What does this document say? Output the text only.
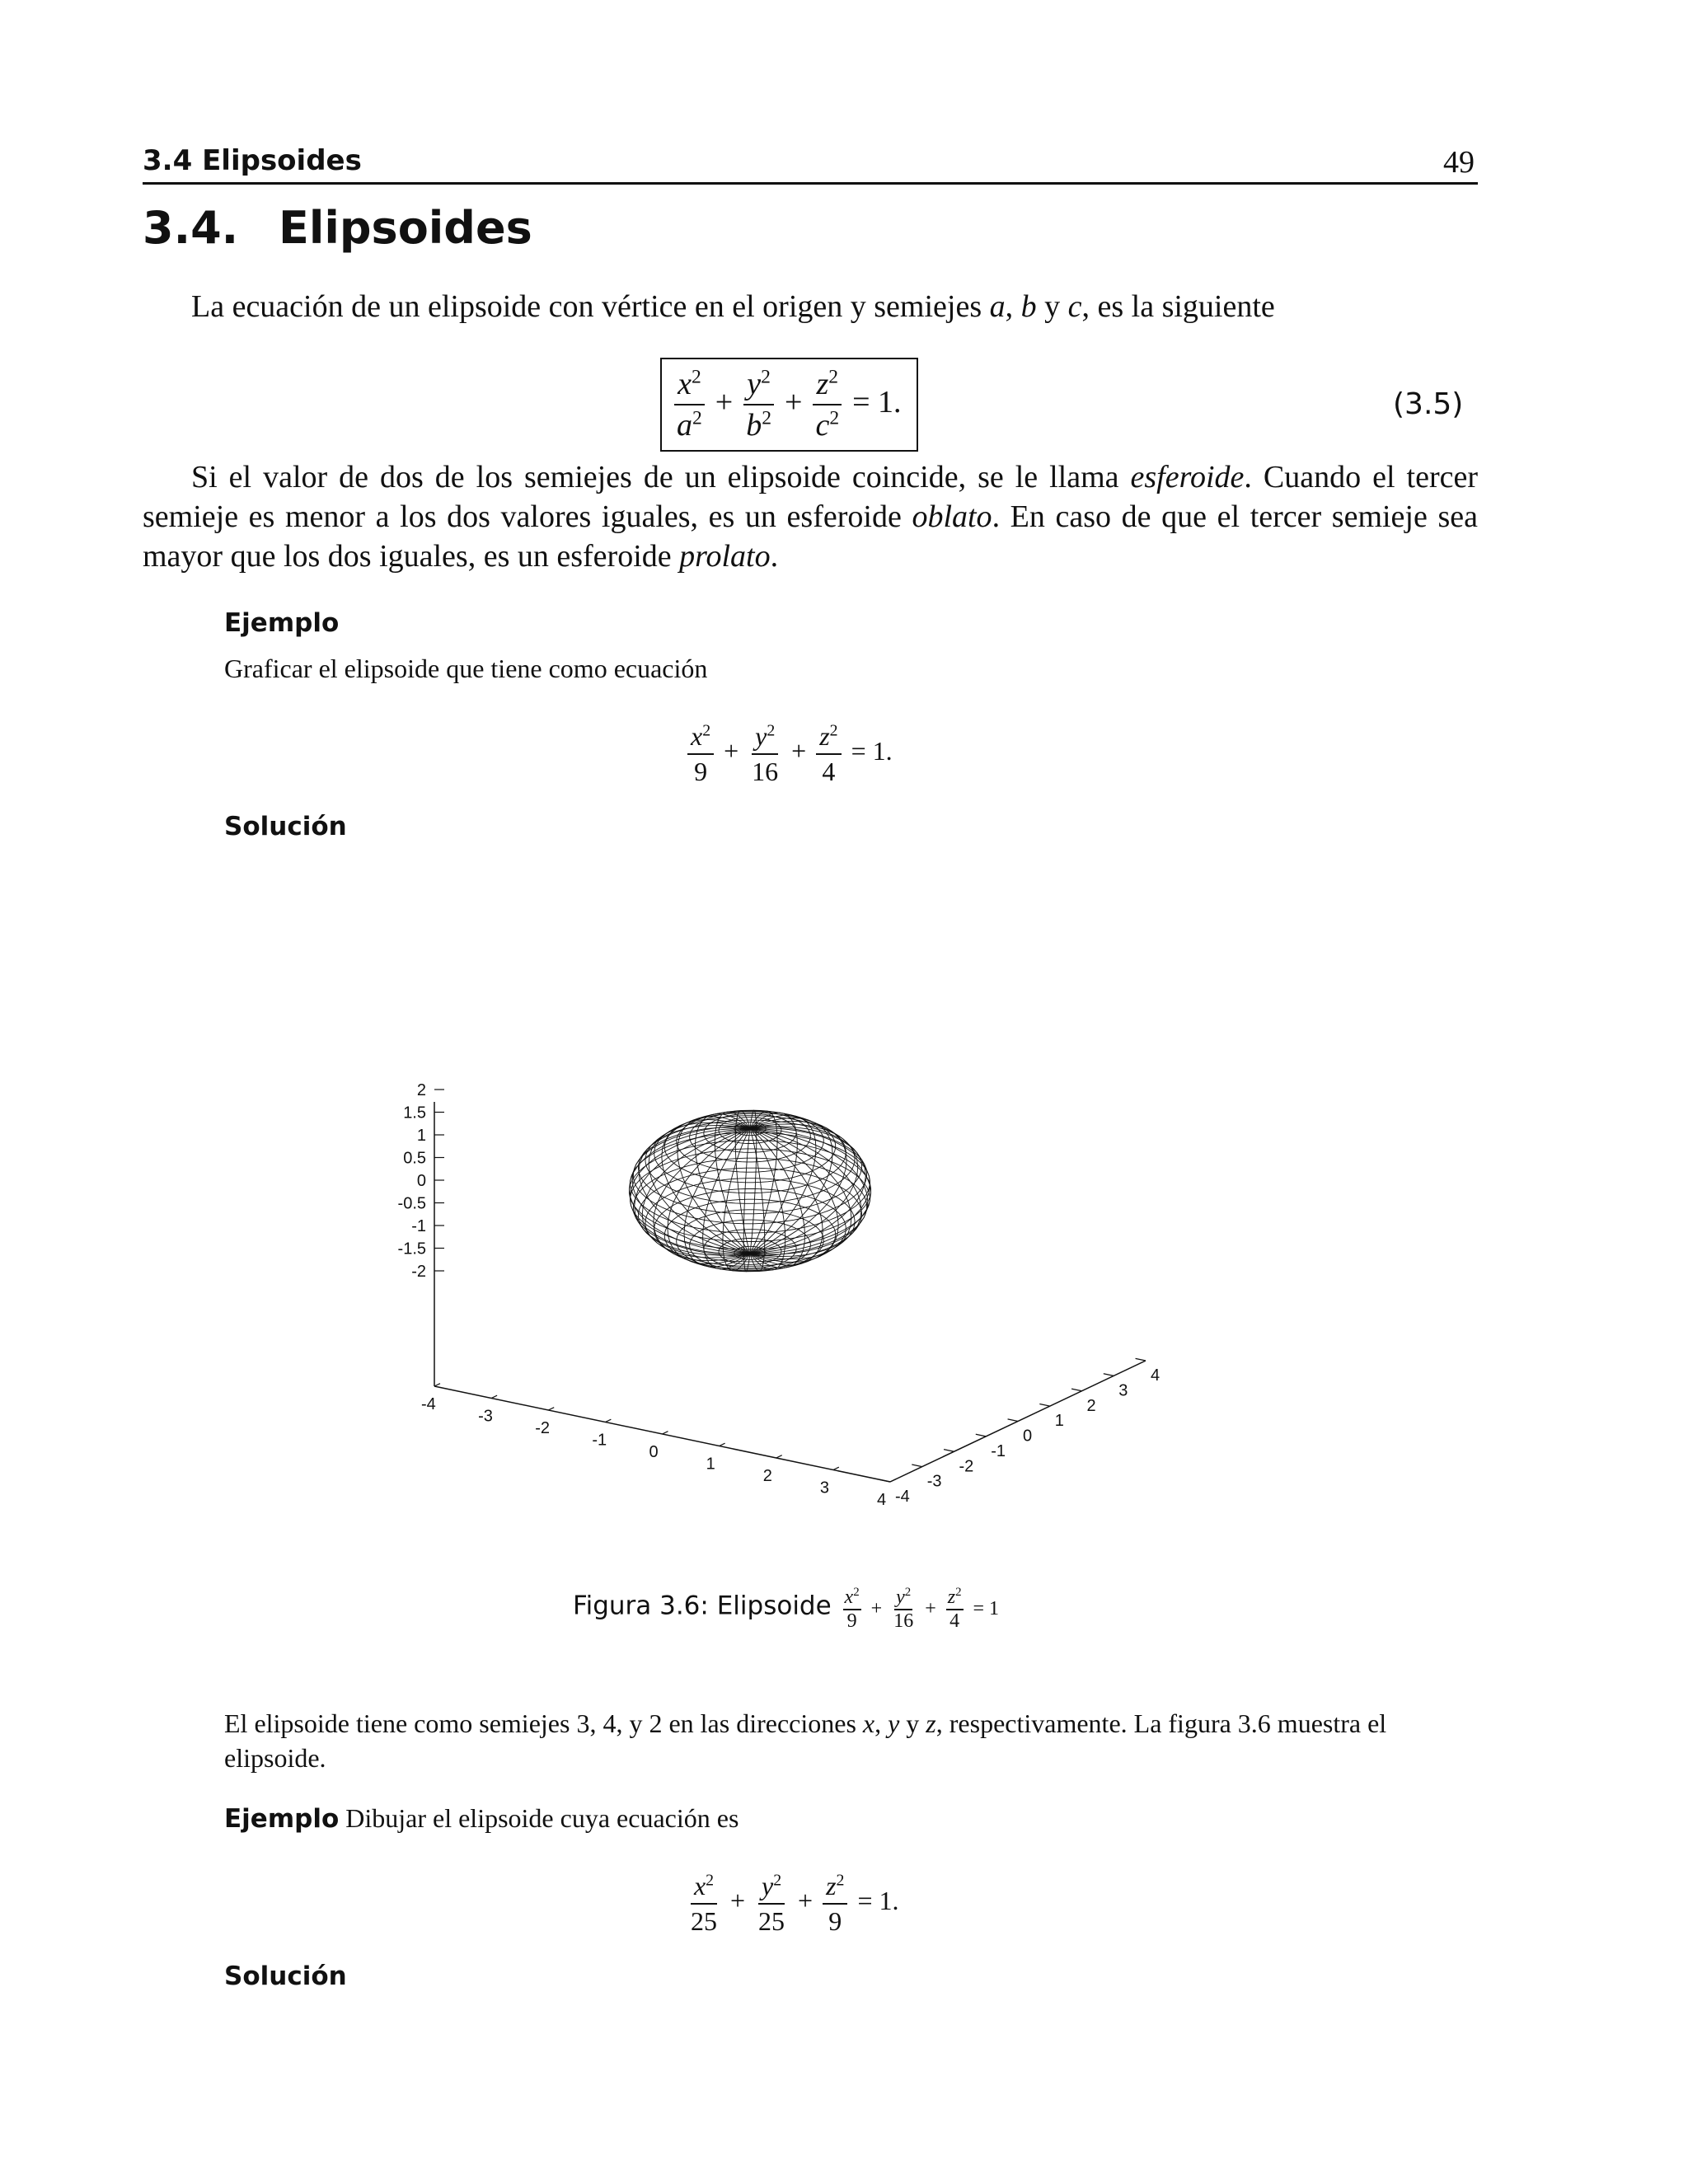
3.4 Elipsoides	49
3.4. Elipsoides
La ecuación de un elipsoide con vértice en el origen y semiejes a, b y c, es la siguiente
$\frac{x^2}{a^2} + \frac{y^2}{b^2} + \frac{z^2}{c^2} = 1$.	(3.5)
Si el valor de dos de los semiejes de un elipsoide coincide, se le llama esferoide. Cuando el tercer semieje es menor a los dos valores iguales, es un esferoide oblato. En caso de que el tercer semieje sea mayor que los dos iguales, es un esferoide prolato.
Ejemplo
Graficar el elipsoide que tiene como ecuación
$\frac{x^2}{9} + \frac{y^2}{16} + \frac{z^2}{4} = 1$.
Solución
-4
-3
-2
-1
0
1
2
3
4 -4
-3
-2
-1
0
1
2
3
4
2
1.5
1
0.5
0
-0.5
-1
-1.5
-2
Figura 3.6: Elipsoide $\frac{x^2}{9} + \frac{y^2}{16} + \frac{z^2}{4} = 1$
El elipsoide tiene como semiejes 3, 4, y 2 en las direcciones x, y y z, respectivamente. La figura 3.6 muestra el elipsoide.
Ejemplo Dibujar el elipsoide cuya ecuación es
$\frac{x^2}{25} + \frac{y^2}{25} + \frac{z^2}{9} = 1$.
Solución
